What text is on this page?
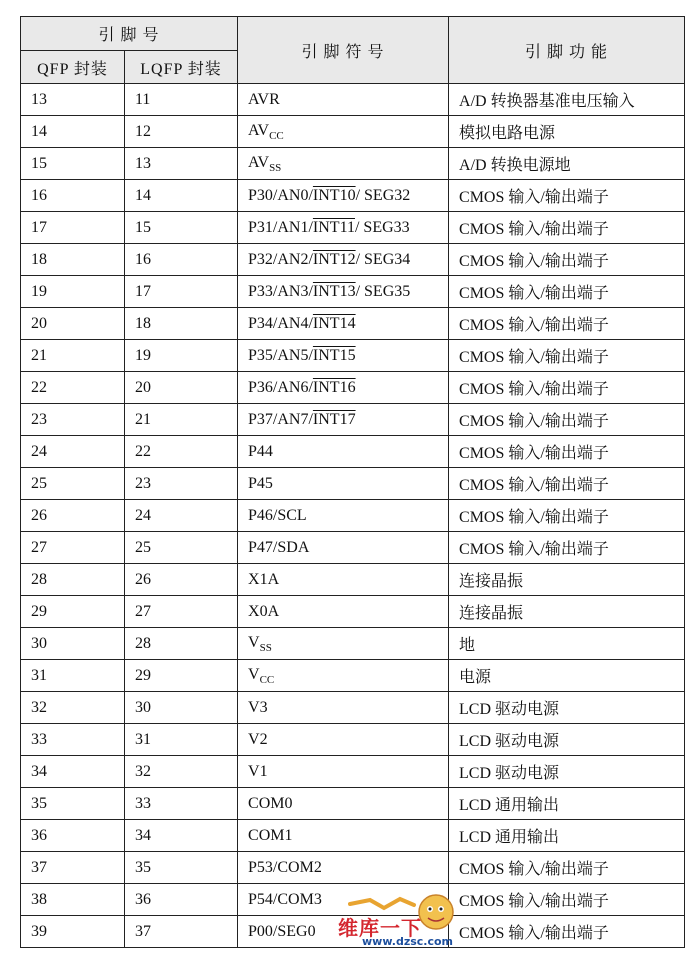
引 脚 号		引 脚 符 号	引 脚 功 能
QFP 封装	LQFP 封装		
13	11	AVR	A/D 转换器基准电压输入
14	12	$AV_{CC}$	模拟电路电源
15	13	$AV_{SS}$	A/D 转换电源地
16	14	P30/AN0/INT10/ SEG32	CMOS 输入/输出端子
17	15	P31/AN1/INT11/ SEG33	CMOS 输入/输出端子
18	16	P32/AN2/INT12/ SEG34	CMOS 输入/输出端子
19	17	P33/AN3/INT13/ SEG35	CMOS 输入/输出端子
20	18	P34/AN4/INT14	CMOS 输入/输出端子
21	19	P35/AN5/INT15	CMOS 输入/输出端子
22	20	P36/AN6/INT16	CMOS 输入/输出端子
23	21	P37/AN7/INT17	CMOS 输入/输出端子
24	22	P44	CMOS 输入/输出端子
25	23	P45	CMOS 输入/输出端子
26	24	P46/SCL	CMOS 输入/输出端子
27	25	P47/SDA	CMOS 输入/输出端子
28	26	X1A	连接晶振
29	27	X0A	连接晶振
30	28	$V_{SS}$	地
31	29	$V_{CC}$	电源
32	30	V3	LCD 驱动电源
33	31	V2	LCD 驱动电源
34	32	V1	LCD 驱动电源
35	33	COM0	LCD 通用输出
36	34	COM1	LCD 通用输出
37	35	P53/COM2	CMOS 输入/输出端子
38	36	P54/COM3	CMOS 输入/输出端子
39	37	P00/SEG0	CMOS 输入/输出端子
维库一下
www.dzsc.com
